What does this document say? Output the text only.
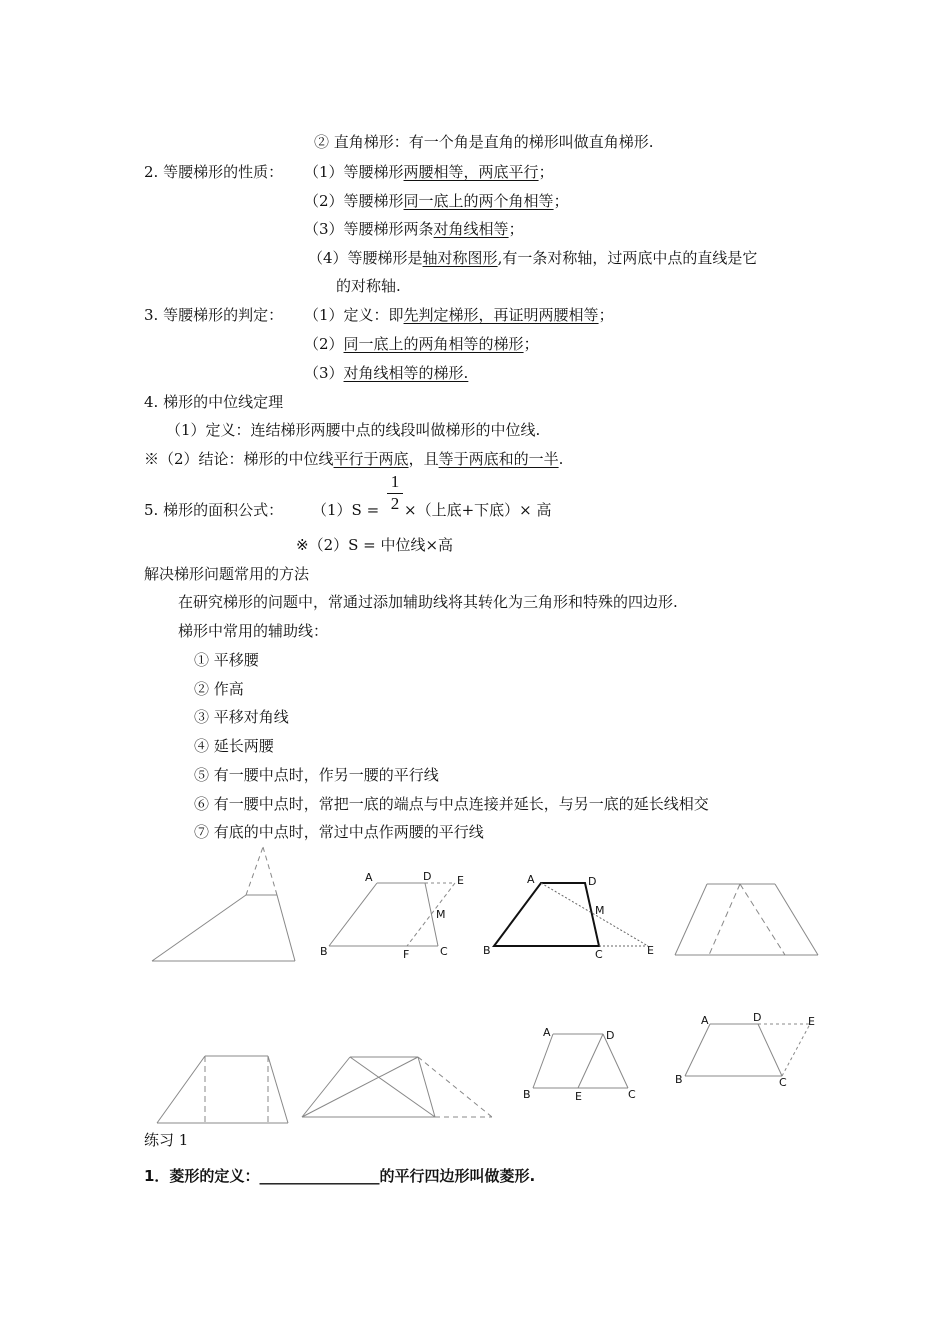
② 直角梯形：有一个角是直角的梯形叫做直角梯形.
2. 等腰梯形的性质： （1）等腰梯形两腰相等，两底平行；
（2）等腰梯形同一底上的两个角相等；
（3）等腰梯形两条对角线相等；
（4）等腰梯形是轴对称图形,有一条对称轴，过两底中点的直线是它
的对称轴.
3. 等腰梯形的判定： （1）定义：即先判定梯形，再证明两腰相等；
（2）同一底上的两角相等的梯形；
（3）对角线相等的梯形.
4. 梯形的中位线定理
（1）定义：连结梯形两腰中点的线段叫做梯形的中位线.
※（2）结论：梯形的中位线平行于两底，且等于两底和的一半.
5. 梯形的面积公式： （1）S =
1
2 ×（上底+下底）× 高
※（2）S = 中位线×高
解决梯形问题常用的方法
在研究梯形的问题中，常通过添加辅助线将其转化为三角形和特殊的四边形.
梯形中常用的辅助线：
① 平移腰
② 作高
③ 平移对角线
④ 延长两腰
⑤ 有一腰中点时，作另一腰的平行线
⑥ 有一腰中点时，常把一底的端点与中点连接并延长，与另一底的延长线相交
⑦ 有底的中点时，常过中点作两腰的平行线
A	D E
M
B	F	C
A	D
M
B	C	E
A	D
B	E	C
A	D	E
B	C
练习 1
1．菱形的定义：________________的平行四边形叫做菱形.
